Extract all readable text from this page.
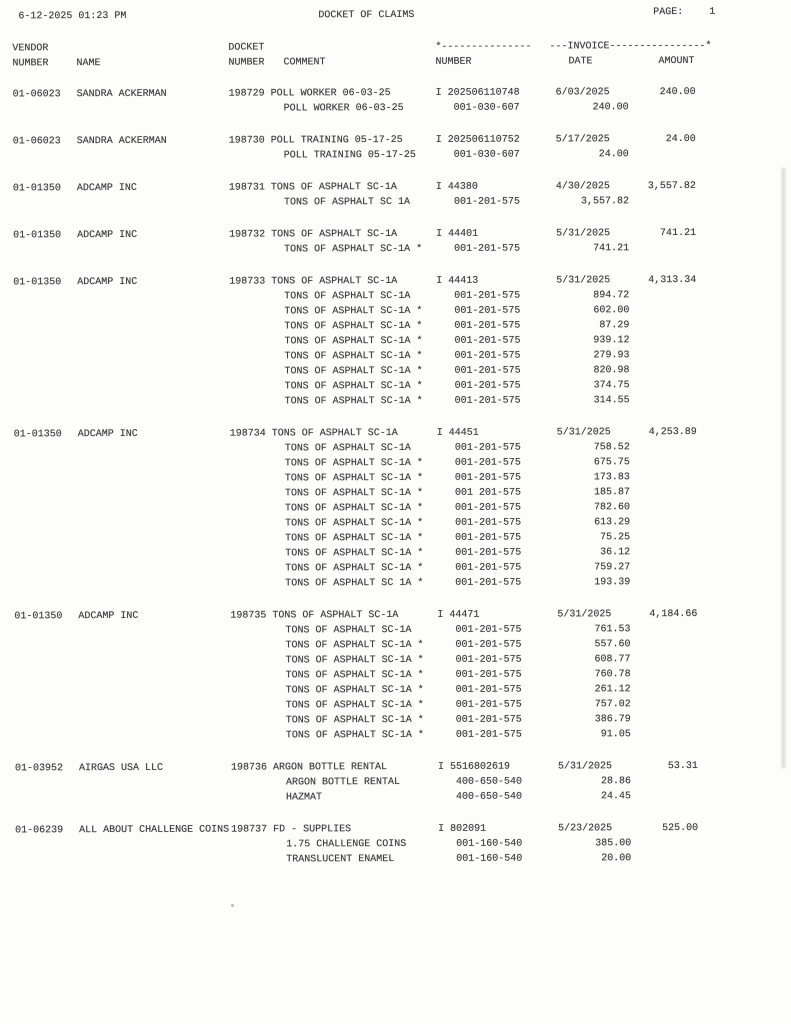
6-12-2025 01:23 PM	DOCKET OF CLAIMS	PAGE:	1
VENDOR	DOCKET	*---------------   ---INVOICE----------------*
NUMBER	NAME	NUMBER COMMENT	NUMBER	DATE	AMOUNT
01-06023 SANDRA ACKERMAN	198729 POLL WORKER 06-03-25	I 202506110748	6/03/2025	240.00
POLL WORKER 06-03-25	001-030-607	240.00
01-06023 SANDRA ACKERMAN	198730 POLL TRAINING 05-17-25	I 202506110752	5/17/2025	24.00
POLL TRAINING 05-17-25	001-030-607	24.00
01-01350 ADCAMP INC	198731 TONS OF ASPHALT SC-1A	I 44380	4/30/2025	3,557.82
TONS OF ASPHALT SC 1A	001-201-575	3,557.82
01-01350 ADCAMP INC	198732 TONS OF ASPHALT SC-1A	I 44401	5/31/2025	741.21
TONS OF ASPHALT SC-1A *	001-201-575	741.21
01-01350 ADCAMP INC	198733 TONS OF ASPHALT SC-1A	I 44413	5/31/2025	4,313.34
TONS OF ASPHALT SC-1A	001-201-575	894.72
TONS OF ASPHALT SC-1A *	001-201-575	602.00
TONS OF ASPHALT SC-1A *	001-201-575	87.29
TONS OF ASPHALT SC-1A *	001-201-575	939.12
TONS OF ASPHALT SC-1A *	001-201-575	279.93
TONS OF ASPHALT SC-1A *	001-201-575	820.98
TONS OF ASPHALT SC-1A *	001-201-575	374.75
TONS OF ASPHALT SC-1A *	001-201-575	314.55
01-01350 ADCAMP INC	198734 TONS OF ASPHALT SC-1A	I 44451	5/31/2025	4,253.89
TONS OF ASPHALT SC-1A	001-201-575	758.52
TONS OF ASPHALT SC-1A *	001-201-575	675.75
TONS OF ASPHALT SC-1A *	001-201-575	173.83
TONS OF ASPHALT SC-1A *	001 201-575	185.87
TONS OF ASPHALT SC-1A *	001-201-575	782.60
TONS OF ASPHALT SC-1A *	001-201-575	613.29
TONS OF ASPHALT SC-1A *	001-201-575	75.25
TONS OF ASPHALT SC-1A *	001-201-575	36.12
TONS OF ASPHALT SC-1A *	001-201-575	759.27
TONS OF ASPHALT SC 1A *	001-201-575	193.39
01-01350 ADCAMP INC	198735 TONS OF ASPHALT SC-1A	I 44471	5/31/2025	4,184.66
TONS OF ASPHALT SC-1A	001-201-575	761.53
TONS OF ASPHALT SC-1A *	001-201-575	557.60
TONS OF ASPHALT SC-1A *	001-201-575	608.77
TONS OF ASPHALT SC-1A *	001-201-575	760.78
TONS OF ASPHALT SC-1A *	001-201-575	261.12
TONS OF ASPHALT SC-1A *	001-201-575	757.02
TONS OF ASPHALT SC-1A *	001-201-575	386.79
TONS OF ASPHALT SC-1A *	001-201-575	91.05
01-03952 AIRGAS USA LLC	198736 ARGON BOTTLE RENTAL	I 5516802619	5/31/2025	53.31
ARGON BOTTLE RENTAL	400-650-540	28.86
HAZMAT	400-650-540	24.45
01-06239 ALL ABOUT CHALLENGE COINS 198737 FD - SUPPLIES	I 802091	5/23/2025	525.00
1.75 CHALLENGE COINS	001-160-540	385.00
TRANSLUCENT ENAMEL	001-160-540	20.00
